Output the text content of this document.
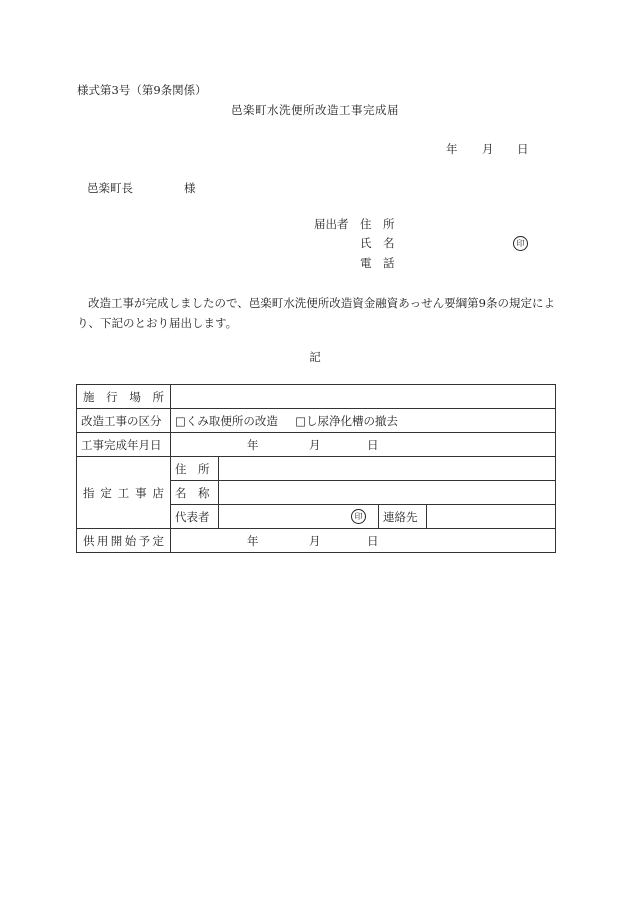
様式第3号（第9条関係）
邑楽町水洗便所改造工事完成届
年 月 日
邑楽町長	様
届出者 住　所
氏　名	印
電　話
改造工事が完成しましたので、邑楽町水洗便所改造資金融資あっせん要綱第9条の規定により、下記のとおり届出します。
記
施行場所				
改造工事の区分	□くみ取便所の改造 □し尿浄化槽の撤去			
工事完成年月日	年 月 日			

指定工事店	住　所			
	名　称			
	代表者	印	連絡先	
供用開始予定	年 月 日			
